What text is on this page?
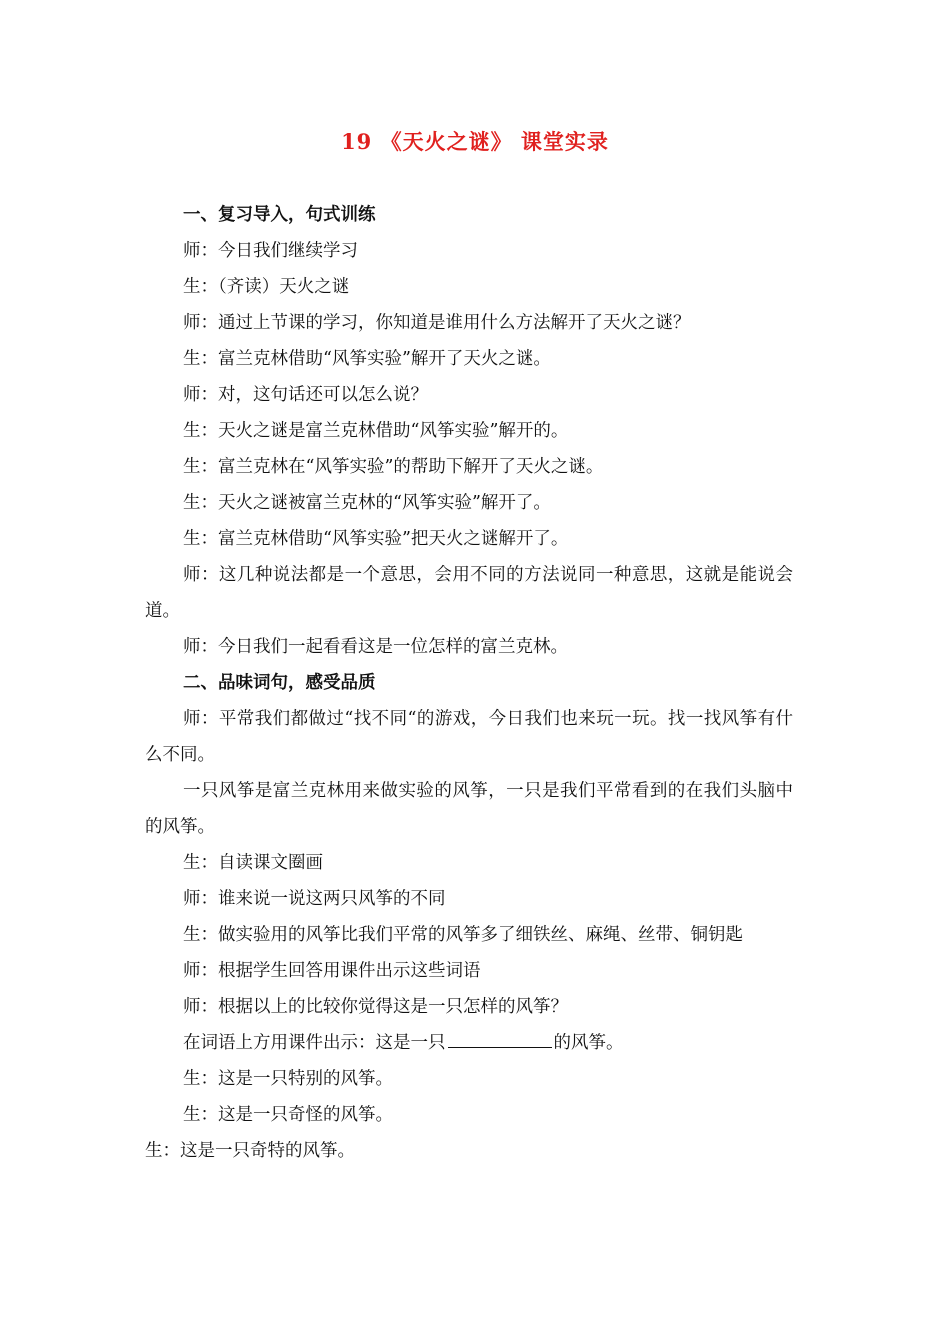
19 《天火之谜》 课堂实录

一、复习导入，句式训练

师：今日我们继续学习

生：（齐读）天火之谜

师：通过上节课的学习，你知道是谁用什么方法解开了天火之谜？

生：富兰克林借助“风筝实验”解开了天火之谜。

师：对，这句话还可以怎么说？

生：天火之谜是富兰克林借助“风筝实验”解开的。

生：富兰克林在“风筝实验”的帮助下解开了天火之谜。

生：天火之谜被富兰克林的“风筝实验”解开了。

生：富兰克林借助“风筝实验”把天火之谜解开了。

师：这几种说法都是一个意思，会用不同的方法说同一种意思，这就是能说会道。

师：今日我们一起看看这是一位怎样的富兰克林。

二、品味词句，感受品质

师：平常我们都做过“找不同“的游戏，今日我们也来玩一玩。找一找风筝有什么不同。

一只风筝是富兰克林用来做实验的风筝，一只是我们平常看到的在我们头脑中的风筝。

生：自读课文圈画

师：谁来说一说这两只风筝的不同

生：做实验用的风筝比我们平常的风筝多了细铁丝、麻绳、丝带、铜钥匙

师：根据学生回答用课件出示这些词语

师：根据以上的比较你觉得这是一只怎样的风筝？

在词语上方用课件出示：这是一只	的风筝。

生：这是一只特别的风筝。

生：这是一只奇怪的风筝。

生：这是一只奇特的风筝。
